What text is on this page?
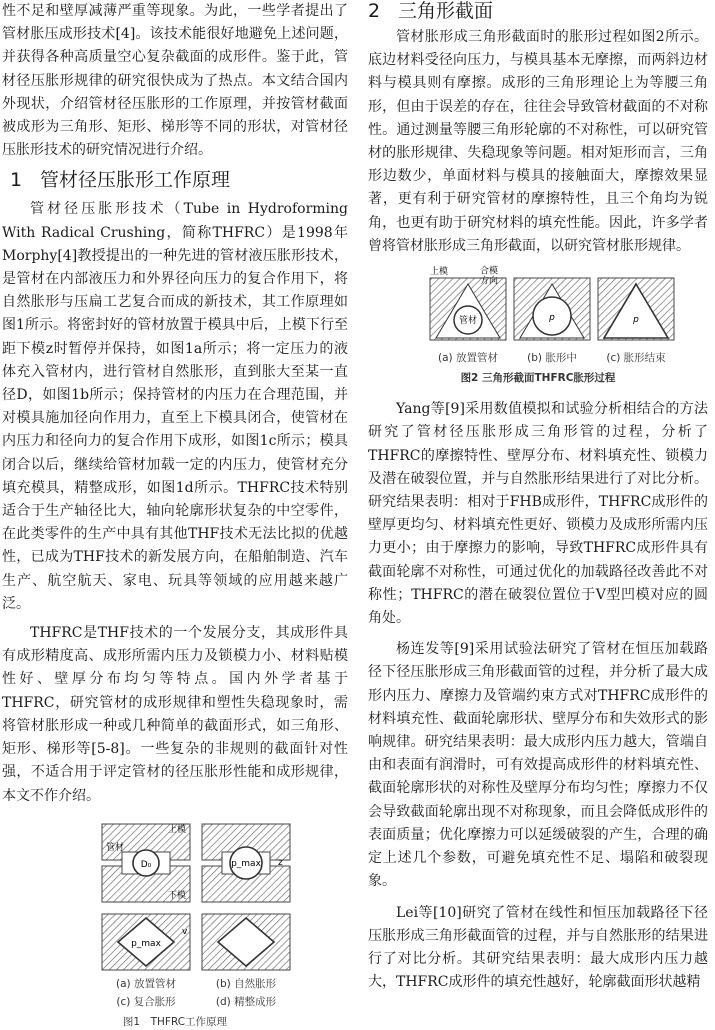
性不足和壁厚减薄严重等现象。为此，一些学者提出了管材胀压成形技术[4]。该技术能很好地避免上述问题，并获得各种高质量空心复杂截面的成形件。鉴于此，管材径压胀形规律的研究很快成为了热点。本文结合国内外现状，介绍管材径压胀形的工作原理，并按管材截面被成形为三角形、矩形、梯形等不同的形状，对管材径压胀形技术的研究情况进行介绍。

1 管材径压胀形工作原理

管材径压胀形技术（Tube in Hydroforming With Radical Crushing，简称THFRC）是1998年Morphy[4]教授提出的一种先进的管材液压胀形技术，是管材在内部液压力和外界径向压力的复合作用下，将自然胀形与压扁工艺复合而成的新技术，其工作原理如图1所示。将密封好的管材放置于模具中后，上模下行至距下模z时暂停并保持，如图1a所示；将一定压力的液体充入管材内，进行管材自然胀形，直到胀大至某一直径D，如图1b所示；保持管材的内压力在合理范围，并对模具施加径向作用力，直至上下模具闭合，使管材在内压力和径向力的复合作用下成形，如图1c所示；模具闭合以后，继续给管材加载一定的内压力，使管材充分填充模具，精整成形，如图1d所示。THFRC技术特别适合于生产轴径比大，轴向轮廓形状复杂的中空零件，在此类零件的生产中具有其他THF技术无法比拟的优越性，已成为THF技术的新发展方向，在船舶制造、汽车生产、航空航天、家电、玩具等领域的应用越来越广泛。

THFRC是THF技术的一个发展分支，其成形件具有成形精度高、成形所需内压力及锁模力小、材料贴模性好、壁厚分布均匀等特点。国内外学者基于THFRC，研究管材的成形规律和塑性失稳现象时，需将管材胀形成一种或几种简单的截面形式，如三角形、矩形、梯形等[5-8]。一些复杂的非规则的截面针对性强，不适合用于评定管材的径压胀形性能和成形规律，本文不作介绍。

D₀
上模
管材
下模
p_max z
p_max
v
(a) 放置管材	(b) 自然胀形
(c) 复合胀形	(d) 精整成形
图1　THFRC工作原理
2 三角形截面

管材胀形成三角形截面时的胀形过程如图2所示。底边材料受径向压力，与模具基本无摩擦，而两斜边材料与模具则有摩擦。成形的三角形理论上为等腰三角形，但由于误差的存在，往往会导致管材截面的不对称性。通过测量等腰三角形轮廓的不对称性，可以研究管材的胀形规律、失稳现象等问题。相对矩形而言，三角形边数少，单面材料与模具的接触面大，摩擦效果显著，更有利于研究管材的摩擦特性，且三个角均为锐角，也更有助于研究材料的填充性能。因此，许多学者曾将管材胀形成三角形截面，以研究管材胀形规律。

管材
上模	合模
方向
p	p
(a) 放置管材	(b) 胀形中	(c) 胀形结束
图2 三角形截面THFRC胀形过程

Yang等[9]采用数值模拟和试验分析相结合的方法研究了管材径压胀形成三角形管的过程，分析了THFRC的摩擦特性、壁厚分布、材料填充性、锁模力及潜在破裂位置，并与自然胀形结果进行了对比分析。研究结果表明：相对于FHB成形件，THFRC成形件的壁厚更均匀、材料填充性更好、锁模力及成形所需内压力更小；由于摩擦力的影响，导致THFRC成形件具有截面轮廓不对称性，可通过优化的加载路径改善此不对称性；THFRC的潜在破裂位置位于V型凹模对应的圆角处。

杨连发等[9]采用试验法研究了管材在恒压加载路径下径压胀形成三角形截面管的过程，并分析了最大成形内压力、摩擦力及管端约束方式对THFRC成形件的材料填充性、截面轮廓形状、壁厚分布和失效形式的影响规律。研究结果表明：最大成形内压力越大，管端自由和表面有润滑时，可有效提高成形件的材料填充性、截面轮廓形状的对称性及壁厚分布均匀性；摩擦力不仅会导致截面轮廓出现不对称现象，而且会降低成形件的表面质量；优化摩擦力可以延缓破裂的产生，合理的确定上述几个参数，可避免填充性不足、塌陷和破裂现象。

Lei等[10]研究了管材在线性和恒压加载路径下径压胀形成三角形截面管的过程，并与自然胀形的结果进行了对比分析。其研究结果表明：最大成形内压力越大，THFRC成形件的填充性越好，轮廓截面形状越精
